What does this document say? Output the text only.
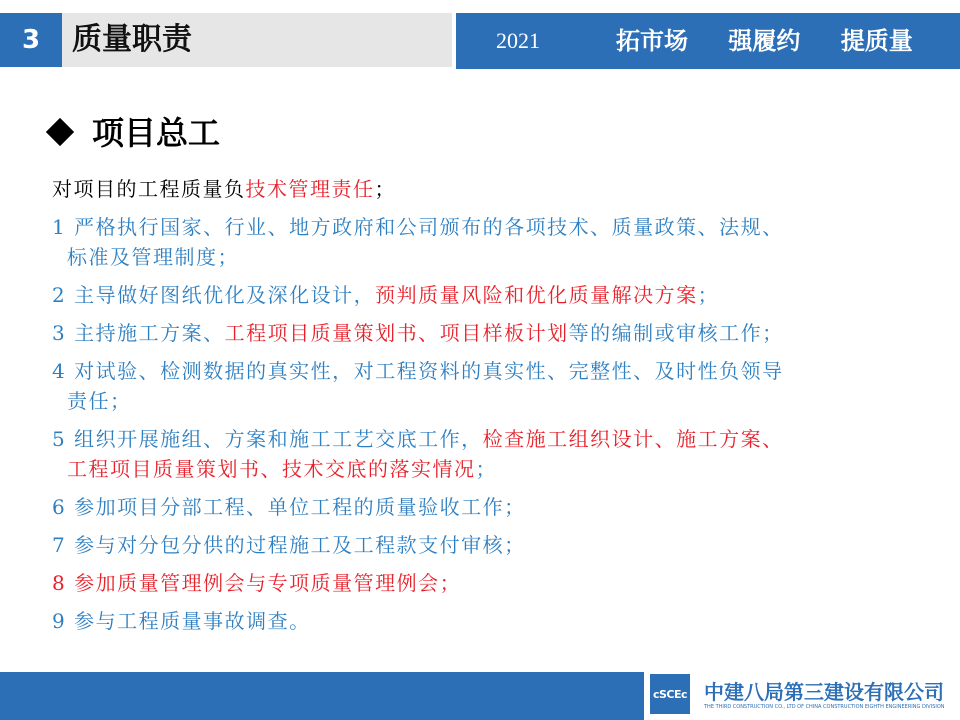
3	质量职责	2021	拓市场 强履约 提质量
项目总工
对项目的工程质量负技术管理责任；
1 严格执行国家、行业、地方政府和公司颁布的各项技术、质量政策、法规、
标准及管理制度；
2 主导做好图纸优化及深化设计，预判质量风险和优化质量解决方案；
3 主持施工方案、工程项目质量策划书、项目样板计划等的编制或审核工作；
4 对试验、检测数据的真实性，对工程资料的真实性、完整性、及时性负领导
责任；
5 组织开展施组、方案和施工工艺交底工作，检查施工组织设计、施工方案、
工程项目质量策划书、技术交底的落实情况；
6 参加项目分部工程、单位工程的质量验收工作；
7 参与对分包分供的过程施工及工程款支付审核；
8 参加质量管理例会与专项质量管理例会；
9 参与工程质量事故调查。
cSCEc 中建八局第三建设有限公司
THE THIRD CONSTRUCTION CO., LTD OF CHINA CONSTRUCTION EIGHTH ENGINEERING DIVISION
